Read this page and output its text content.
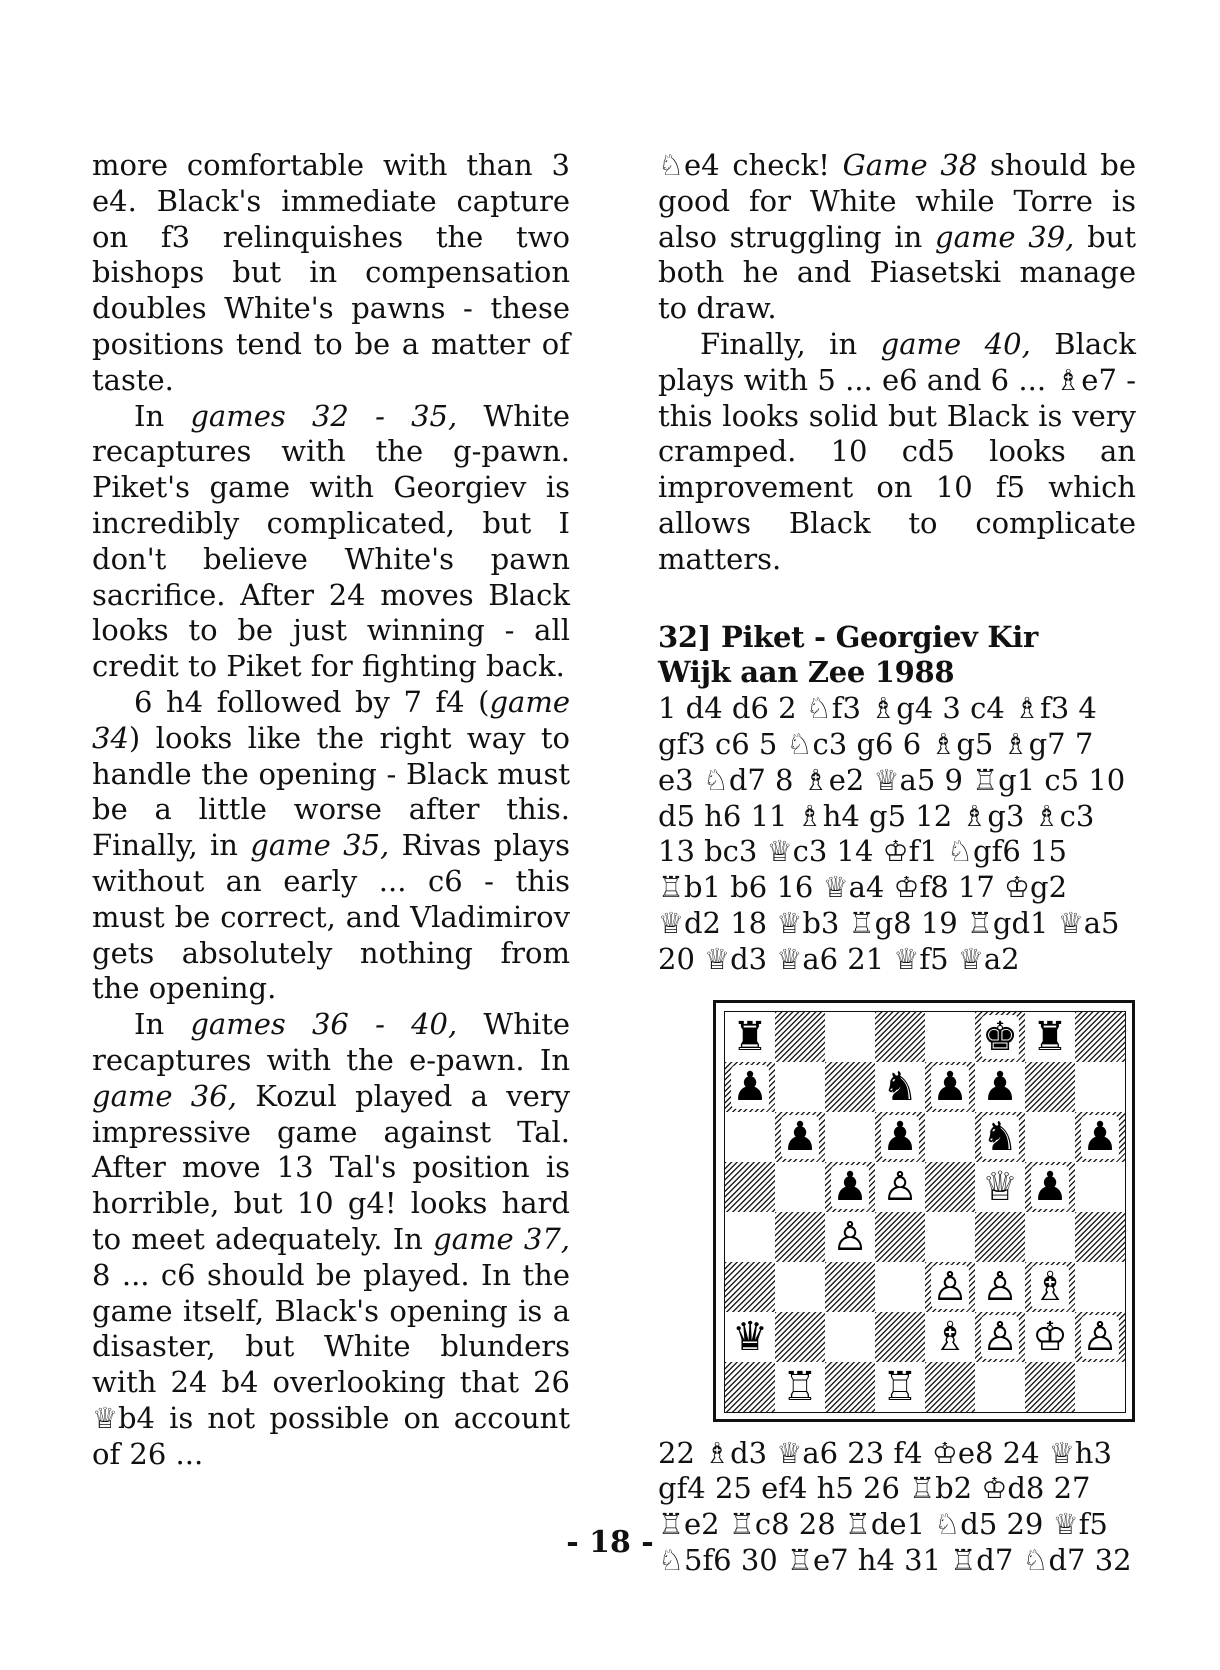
more comfortable with than 3 e4. Black's immediate capture on f3 relinquishes the two bishops but in compensation doubles White's pawns - these positions tend to be a matter of taste.

In games 32 - 35, White recaptures with the g-pawn. Piket's game with Georgiev is incredibly complicated, but I don't believe White's pawn sacrifice. After 24 moves Black looks to be just winning - all credit to Piket for fighting back.

6 h4 followed by 7 f4 (game 34) looks like the right way to handle the opening - Black must be a little worse after this. Finally, in game 35, Rivas plays without an early ... c6 - this must be correct, and Vladimirov gets absolutely nothing from the opening.

In games 36 - 40, White recaptures with the e-pawn. In game 36, Kozul played a very impressive game against Tal. After move 13 Tal's position is horrible, but 10 g4! looks hard to meet adequately. In game 37, 8 ... c6 should be played. In the game itself, Black's opening is a disaster, but White blunders with 24 b4 overlooking that 26 ♕b4 is not possible on account of 26 ...

♘e4 check! Game 38 should be good for White while Torre is also struggling in game 39, but both he and Piasetski manage to draw.

Finally, in game 40, Black plays with 5 ... e6 and 6 ... ♗e7 - this looks solid but Black is very cramped. 10 cd5 looks an improvement on 10 f5 which allows Black to complicate matters.

32] Piket - Georgiev Kir

Wijk aan Zee 1988

1 d4 d6 2 ♘f3 ♗g4 3 c4 ♗f3 4 gf3 c6 5 ♘c3 g6 6 ♗g5 ♗g7 7 e3 ♘d7 8 ♗e2 ♕a5 9 ♖g1 c5 10 d5 h6 11 ♗h4 g5 12 ♗g3 ♗c3 13 bc3 ♕c3 14 ♔f1 ♘gf6 15 ♖b1 b6 16 ♕a4 ♔f8 17 ♔g2 ♕d2 18 ♕b3 ♖g8 19 ♖gd1 ♕a5 20 ♕d3 ♕a6 21 ♕f5 ♕a2

♜	♚ ♜
♟	♞ ♟ ♟
♟ ♟ ♞ ♟
♟ ♙ ♕ ♟
♙
♙ ♙ ♗
♛	♗ ♙ ♔ ♙
♖ ♖

22 ♗d3 ♕a6 23 f4 ♔e8 24 ♕h3 gf4 25 ef4 h5 26 ♖b2 ♔d8 27 ♖e2 ♖c8 28 ♖de1 ♘d5 29 ♕f5 ♘5f6 30 ♖e7 h4 31 ♖d7 ♘d7 32

- 18 -
